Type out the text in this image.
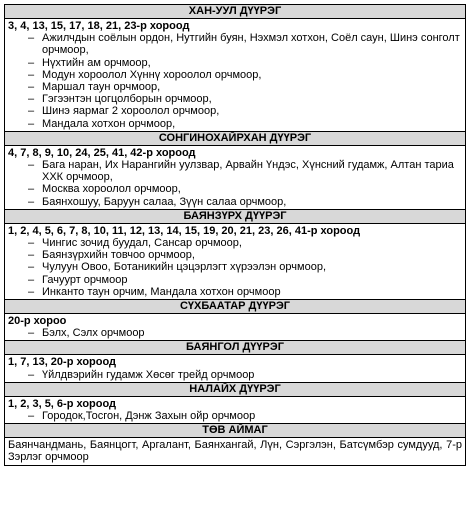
ХАН-УУЛ ДҮҮРЭГ
3, 4, 13, 15, 17, 18, 21, 23-р хороод
– Ажилчдын соёлын ордон, Нутгийн буян, Нэхмэл хотхон, Соёл саун, Шинэ сонголт орчмоор,
– Нүхтийн ам орчмоор,
– Модун хороолол Хүннү хороолол орчмоор,
– Маршал таун орчмоор,
– Гэгээнтэн цогцолборын орчмоор,
– Шинэ яармаг 2 хороолол орчмоор,
– Мандала хотхон орчмоор,
СОНГИНОХАЙРХАН ДҮҮРЭГ
4, 7, 8, 9, 10, 24, 25, 41, 42-р хороод
– Бага наран, Их Нарангийн уулзвар, Арвайн Үндэс, Хүнсний гудамж, Алтан тариа ХХК орчмоор,
– Москва хороолол орчмоор,
– Баянхошуу, Баруун салаа, Зүүн салаа орчмоор,
БАЯНЗҮРХ ДҮҮРЭГ
1, 2, 4, 5, 6, 7, 8, 10, 11, 12, 13, 14, 15, 19, 20, 21, 23, 26, 41-р хороод
– Чингис зочид буудал, Сансар орчмоор,
– Баянзүрхийн товчоо орчмоор,
– Чулуун Овоо, Ботаникийн цэцэрлэгт хүрээлэн орчмоор,
– Гачуурт орчмоор
– Инканто таун орчим, Мандала хотхон орчмоор
СҮХБААТАР ДҮҮРЭГ
20-р хороо
– Бэлх, Сэлх орчмоор
БАЯНГОЛ ДҮҮРЭГ
1, 7, 13, 20-р хороод
– Үйлдвэрийн гудамж Хөсөг трейд орчмоор
НАЛАЙХ ДҮҮРЭГ
1, 2, 3, 5, 6-р хороод
– Городок,Тосгон, Дэнж Захын ойр орчмоор
ТӨВ АЙМАГ
Баянчандмань, Баянцогт, Аргалант, Баянхангай, Лүн, Сэргэлэн, Батсүмбэр сумдууд, 7-р Зэрлэг орчмоор
